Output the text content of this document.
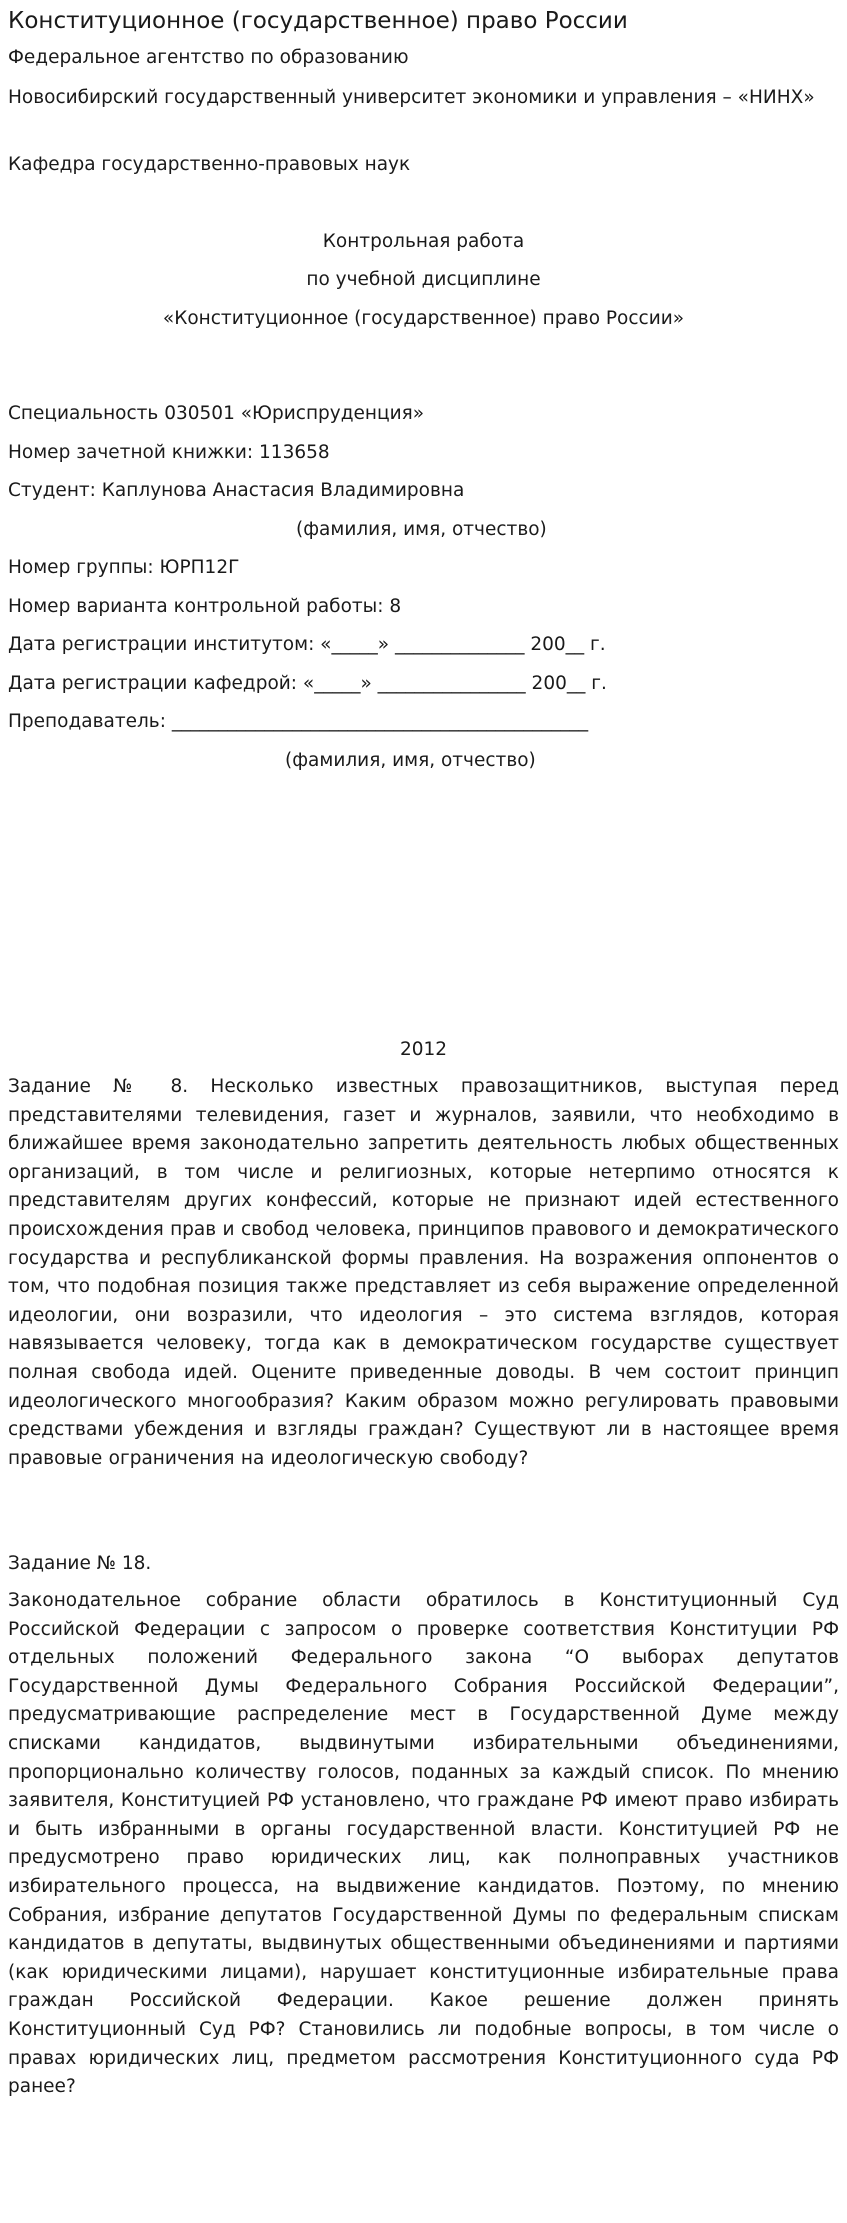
Конституционное (государственное) право России
Федеральное агентство по образованию
Новосибирский государственный университет экономики и управления – «НИНХ»
Кафедра государственно-правовых наук
Контрольная работа
по учебной дисциплине
«Конституционное (государственное) право России»
Специальность 030501 «Юриспруденция»
Номер зачетной книжки: 113658
Студент: Каплунова Анастасия Владимировна
(фамилия, имя, отчество)
Номер группы: ЮРП12Г
Номер варианта контрольной работы: 8
Дата регистрации институтом: «_____» ______________ 200__ г.
Дата регистрации кафедрой: «_____» ________________ 200__ г.
Преподаватель: _____________________________________________
(фамилия, имя, отчество)
2012
Задание № 8. Несколько известных правозащитников, выступая перед представителями телевидения, газет и журналов, заявили, что необходимо в ближайшее время законодательно запретить деятельность любых общественных организаций, в том числе и религиозных, которые нетерпимо относятся к представителям других конфессий, которые не признают идей естественного происхождения прав и свобод человека, принципов правового и демократического государства и республиканской формы правления. На возражения оппонентов о том, что подобная позиция также представляет из себя выражение определенной идеологии, они возразили, что идеология – это система взглядов, которая навязывается человеку, тогда как в демократическом государстве существует полная свобода идей. Оцените приведенные доводы. В чем состоит принцип идеологического многообразия? Каким образом можно регулировать правовыми средствами убеждения и взгляды граждан? Существуют ли в настоящее время правовые ограничения на идеологическую свободу?
Задание № 18.
Законодательное собрание области обратилось в Конституционный Суд Российской Федерации с запросом о проверке соответствия Конституции РФ отдельных положений Федерального закона “О выборах депутатов Государственной Думы Федерального Собрания Российской Федерации”, предусматривающие распределение мест в Государственной Думе между списками кандидатов, выдвинутыми избирательными объединениями, пропорционально количеству голосов, поданных за каждый список. По мнению заявителя, Конституцией РФ установлено, что граждане РФ имеют право избирать и быть избранными в органы государственной власти. Конституцией РФ не предусмотрено право юридических лиц, как полноправных участников избирательного процесса, на выдвижение кандидатов. Поэтому, по мнению Собрания, избрание депутатов Государственной Думы по федеральным спискам кандидатов в депутаты, выдвинутых общественными объединениями и партиями (как юридическими лицами), нарушает конституционные избирательные права граждан Российской Федерации. Какое решение должен принять Конституционный Суд РФ? Становились ли подобные вопросы, в том числе о правах юридических лиц, предметом рассмотрения Конституционного суда РФ ранее?
